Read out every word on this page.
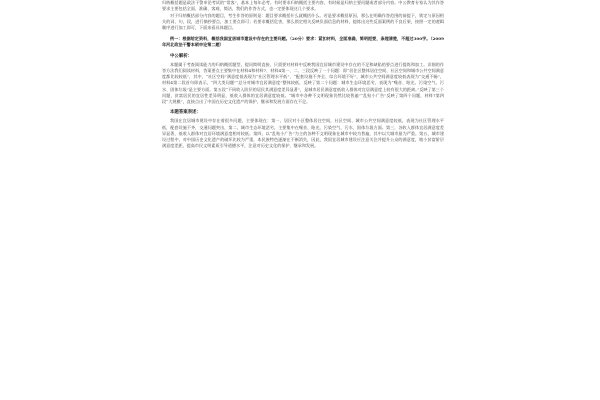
归纳概括题是政法干警申论考试的“常客”，基本上每年必考。有时要求归纳概括主要内容，有时候是归纳主要问题或者部分内容。中公教育专家认为其作答要求主要包括全面、准确、客观、简洁，我们的作答方式，也一定要体现这几个要求。

对于归纳概括部分内容的题目，考生作答的原则是：题目要求概括什么就概括什么。若是要求概括原因，那么在明确作答范围的前提下，锁定与原因相关的词、句，段，进行摘抄要点，加工要点即可；若要求概括危害，那么锁定相关反映负面信息的材料，提炼出这些反面案例的不良后果，按照一定的逻辑顺序进行加工即可，下面来看具体题目。

例一：根据给定资料，概括我国宜居城市建设中存在的主要问题。（20分）要求：紧扣材料，全面准确，简明扼要，条理清楚，不超过300字。（2009年河北政法干警本硕申论第二题）

中公解析：

本题属于考查阅读能力的归纳概括题型，提问简明直接，只需要对材料中反映我国宜居城市建设中存在的不足和缺陷的要点进行提炼和加工。详细的作答方法我们阅读材料，答案要点主要集中在材料4和材料7、材料4第一、二、三段反映了一个问题：即“居住区整体居住空间、社区空间和城市公共空间满意度都比较较低”，其中，“社区空间”满意度低表现为“社区管理水平低”、“配套设施不齐全、综合环境不好”，城市公共空间满意度较低表现为“交通不畅”，材料4第二段首句即表示，“四大类问题”“总分对城市宜居满意度”整体较低，反映了第二个问题：城市生态环境恶劣，表现为“噪音、眩光、污染空气、污水、固体垃圾”是主要方面。第五段“不同收入阶层的居民其满意度差异显著”，是城市居民满意度低收入群体对宜居满意度上较有很大的距离。”反映了第三个问题，贫富居民的宜居性差异明显，低收入群体的宜居满意度较低。“城市中各种不文明现象仍然比较普遍”“乱贴小广告”反映了第四个问题，材料7第四段“大规模”，直接点出了中国在历史文化遗产的保护、继承和发展方面存在不足。

本题答案表述：

我国在宜居城市建设中存在着很多问题，主要体现在：第一，居民对小区整体居住空间，社区空间、城市公共空间满意度较低，表现为社区管理水平低，配套设施不齐，交通问题突出，第二，城市生态环境恶劣，主要集中在噪音、眩光、污染空气、污水、固体垃圾方面。第三，各收入群体宜居满意度差异显著，低收入群体对宜居环境满意度相对较低。第四，以“乱贴小广告”为主的各种不文明现象在城市中较为普遍，其中以大城市最为严重。第五，城市建设过程中，对中国历史文化遗产的破坏比较为严重，本民族特色逐渐在不断消失，因此，我国宜居城市建设应注意关注并提升公众的满意度，缩小贫富阶层满意度差距，提高市民文明素质引导道德水平，注意对历史文化的保护、继承和发展。
